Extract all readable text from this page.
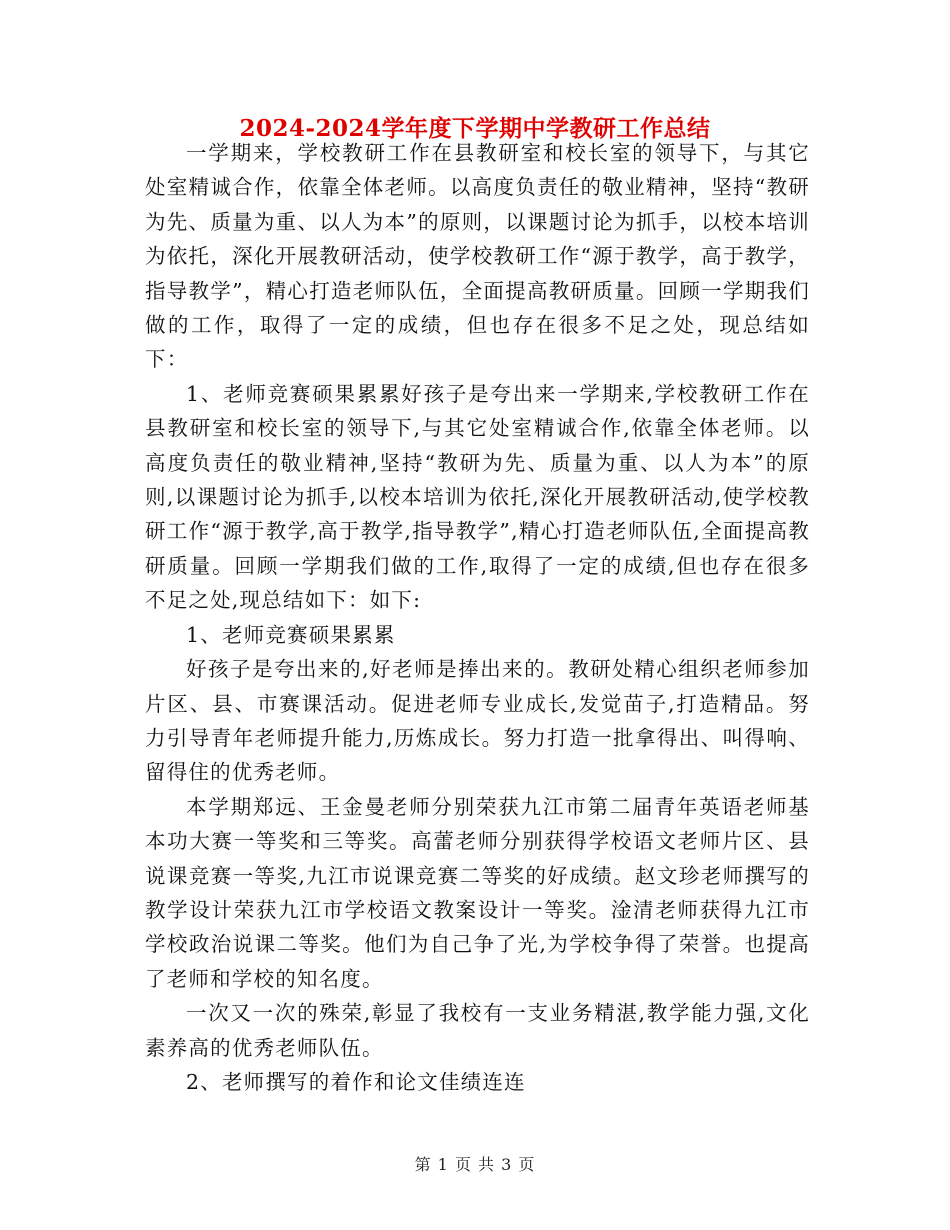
2024-2024学年度下学期中学教研工作总结

一学期来，学校教研工作在县教研室和校长室的领导下，与其它处室精诚合作，依靠全体老师。以高度负责任的敬业精神，坚持“教研为先、质量为重、以人为本”的原则，以课题讨论为抓手，以校本培训为依托，深化开展教研活动，使学校教研工作“源于教学，高于教学，指导教学”，精心打造老师队伍，全面提高教研质量。回顾一学期我们做的工作，取得了一定的成绩，但也存在很多不足之处，现总结如下：

1、老师竞赛硕果累累好孩子是夸出来一学期来,学校教研工作在县教研室和校长室的领导下,与其它处室精诚合作,依靠全体老师。以高度负责任的敬业精神,坚持“教研为先、质量为重、以人为本”的原则,以课题讨论为抓手,以校本培训为依托,深化开展教研活动,使学校教研工作“源于教学,高于教学,指导教学”,精心打造老师队伍,全面提高教研质量。回顾一学期我们做的工作,取得了一定的成绩,但也存在很多不足之处,现总结如下：如下:

1、老师竞赛硕果累累

好孩子是夸出来的,好老师是捧出来的。教研处精心组织老师参加片区、县、市赛课活动。促进老师专业成长,发觉苗子,打造精品。努力引导青年老师提升能力,历炼成长。努力打造一批拿得出、叫得响、留得住的优秀老师。

本学期郑远、王金曼老师分别荣获九江市第二届青年英语老师基本功大赛一等奖和三等奖。高蕾老师分别获得学校语文老师片区、县说课竞赛一等奖,九江市说课竞赛二等奖的好成绩。赵文珍老师撰写的教学设计荣获九江市学校语文教案设计一等奖。淦清老师获得九江市学校政治说课二等奖。他们为自己争了光,为学校争得了荣誉。也提高了老师和学校的知名度。

一次又一次的殊荣,彰显了我校有一支业务精湛,教学能力强,文化素养高的优秀老师队伍。

2、老师撰写的着作和论文佳绩连连

第 1 页 共 3 页
